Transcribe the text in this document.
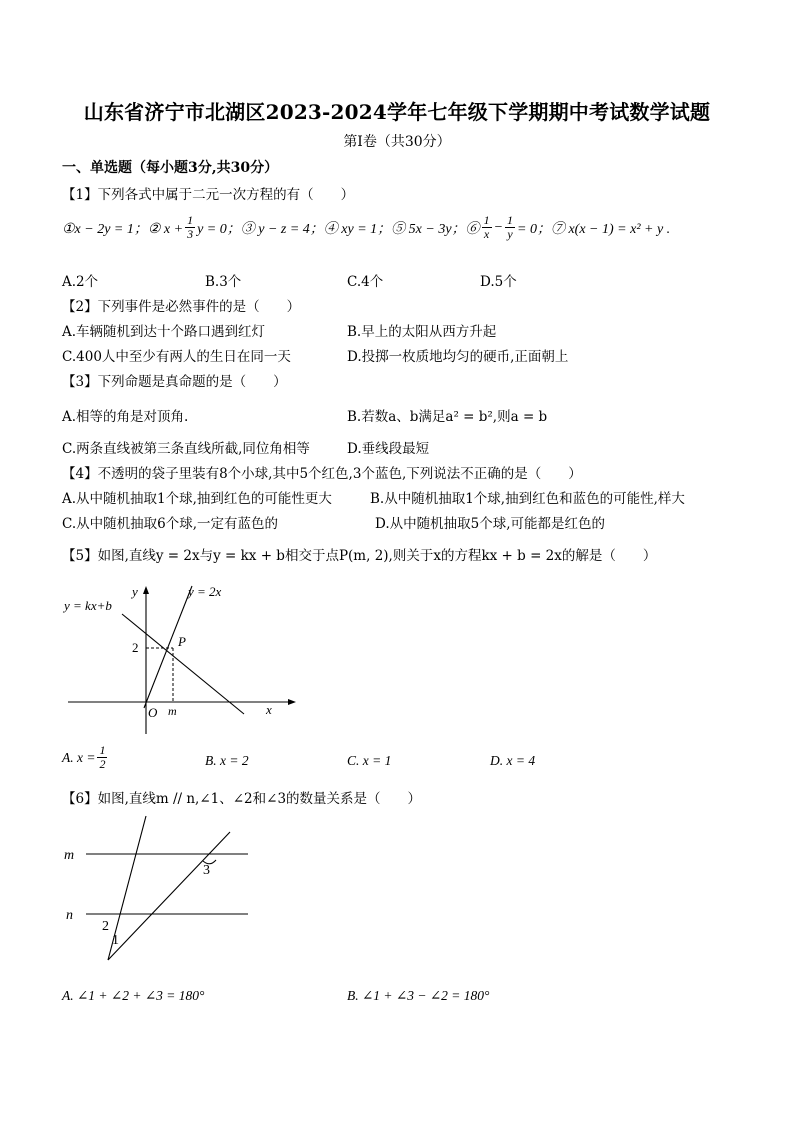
山东省济宁市北湖区2023-2024学年七年级下学期期中考试数学试题
第I卷（共30分）
一、单选题（每小题3分,共30分）
【1】下列各式中属于二元一次方程的有（　　）
①x − 2y = 1；② $x + \frac{1}{3}$ y = 0；③ y − z = 4；④ xy = 1；⑤ 5x − 3y；⑥ $\frac{1}{x} - \frac{1}{y} = 0$；⑦ x(x − 1) = x² + y .
A.2个	B.3个	C.4个	D.5个
【2】下列事件是必然事件的是（　　）
A.车辆随机到达十个路口遇到红灯	B.早上的太阳从西方升起
C.400人中至少有两人的生日在同一天	D.投掷一枚质地均匀的硬币,正面朝上
【3】下列命题是真命题的是（　　）
A.相等的角是对顶角.	B.若数a、b满足a² = b²,则a = b
C.两条直线被第三条直线所截,同位角相等	D.垂线段最短
【4】不透明的袋子里装有8个小球,其中5个红色,3个蓝色,下列说法不正确的是（　　）
A.从中随机抽取1个球,抽到红色的可能性更大	B.从中随机抽取1个球,抽到红色和蓝色的可能性,样大
C.从中随机抽取6个球,一定有蓝色的	D.从中随机抽取5个球,可能都是红色的
【5】如图,直线y = 2x与y = kx + b相交于点P(m, 2),则关于x的方程kx + b = 2x的解是（　　）
y = kx+b
y = 2x
y
x
O
P
2
m
A. $x = \frac{1}{2}$	B. x = 2	C. x = 1	D. x = 4
【6】如图,直线m // n,∠1、∠2和∠3的数量关系是（　　）
m
n
3
2
1
A. ∠1 + ∠2 + ∠3 = 180°	B. ∠1 + ∠3 − ∠2 = 180°
